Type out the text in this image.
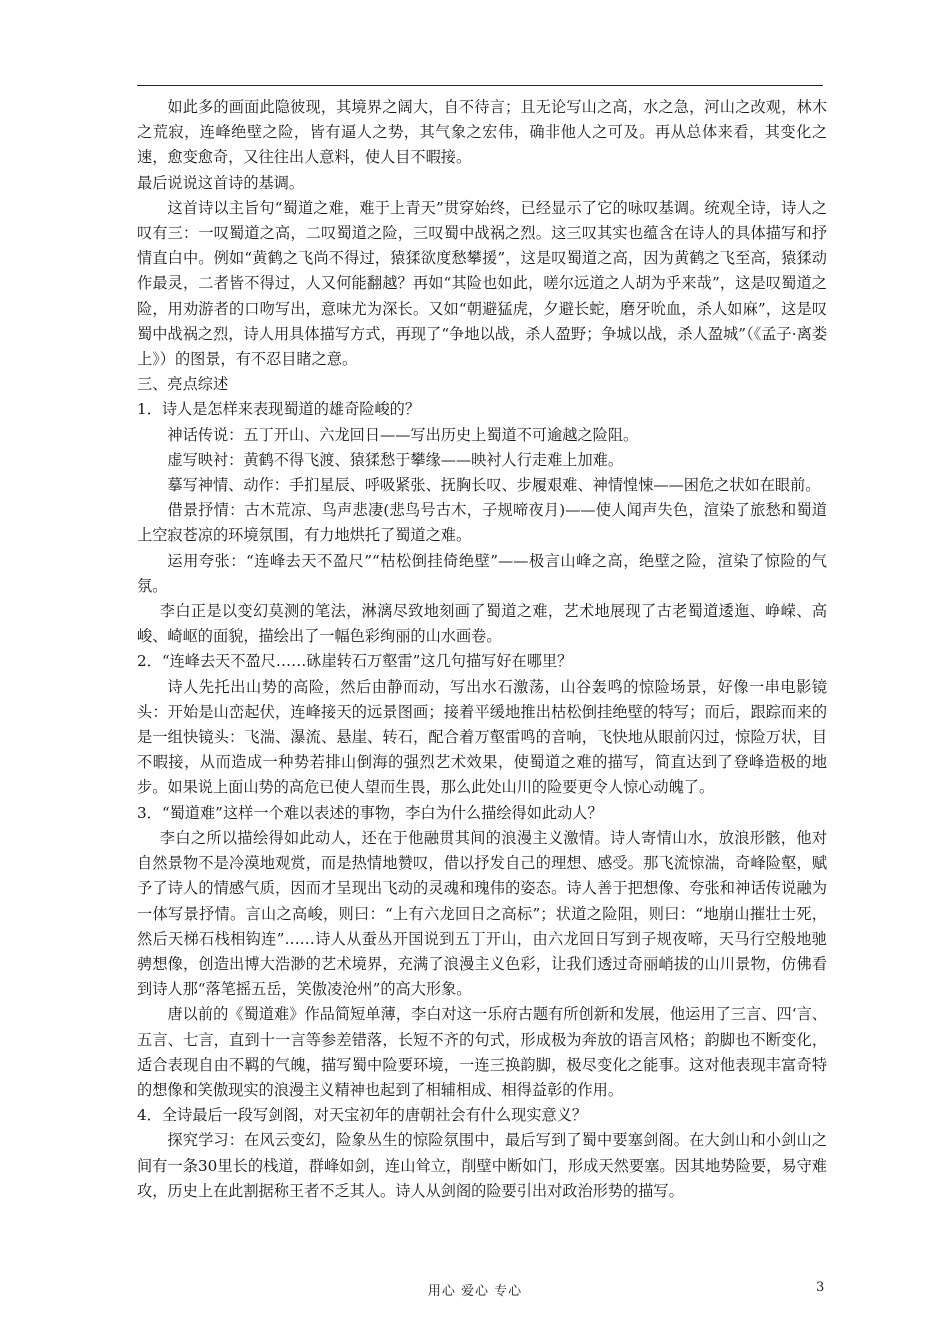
如此多的画面此隐彼现，其境界之阔大，自不待言；且无论写山之高，水之急，河山之改观，林木之荒寂，连峰绝壁之险，皆有逼人之势，其气象之宏伟，确非他人之可及。再从总体来看，其变化之速，愈变愈奇，又往往出人意料，使人目不暇接。

最后说说这首诗的基调。

这首诗以主旨句“蜀道之难，难于上青天”贯穿始终，已经显示了它的咏叹基调。统观全诗，诗人之叹有三：一叹蜀道之高，二叹蜀道之险，三叹蜀中战祸之烈。这三叹其实也蕴含在诗人的具体描写和抒情直白中。例如“黄鹤之飞尚不得过，猿猱欲度愁攀援”，这是叹蜀道之高，因为黄鹤之飞至高，猿猱动作最灵，二者皆不得过，人又何能翻越？再如“其险也如此，嗟尔远道之人胡为乎来哉”，这是叹蜀道之险，用劝游者的口吻写出，意味尤为深长。又如“朝避猛虎，夕避长蛇，磨牙吮血，杀人如麻”，这是叹蜀中战祸之烈，诗人用具体描写方式，再现了“争地以战，杀人盈野；争城以战，杀人盈城”（《孟子·离娄上》）的图景，有不忍目睹之意。

三、亮点综述

1．诗人是怎样来表现蜀道的雄奇险峻的？

神话传说：五丁开山、六龙回日——写出历史上蜀道不可逾越之险阻。

虚写映衬：黄鹤不得飞渡、猿猱愁于攀缘——映衬人行走难上加难。

摹写神情、动作：手扪星辰、呼吸紧张、抚胸长叹、步履艰难、神情惶悚——困危之状如在眼前。

借景抒情：古木荒凉、鸟声悲凄(悲鸟号古木，子规啼夜月)——使人闻声失色，渲染了旅愁和蜀道上空寂苍凉的环境氛围，有力地烘托了蜀道之难。

运用夸张：“连峰去天不盈尺”“枯松倒挂倚绝壁”——极言山峰之高，绝壁之险，渲染了惊险的气氛。

李白正是以变幻莫测的笔法，淋漓尽致地刻画了蜀道之难，艺术地展现了古老蜀道逶迤、峥嵘、高峻、崎岖的面貌，描绘出了一幅色彩绚丽的山水画卷。

2．“连峰去天不盈尺……砯崖转石万壑雷”这几句描写好在哪里？

诗人先托出山势的高险，然后由静而动，写出水石激荡，山谷轰鸣的惊险场景，好像一串电影镜头：开始是山峦起伏，连峰接天的远景图画；接着平缓地推出枯松倒挂绝壁的特写；而后，跟踪而来的是一组快镜头：飞湍、瀑流、悬崖、转石，配合着万壑雷鸣的音响，飞快地从眼前闪过，惊险万状，目不暇接，从而造成一种势若排山倒海的强烈艺术效果，使蜀道之难的描写，简直达到了登峰造极的地步。如果说上面山势的高危已使人望而生畏，那么此处山川的险要更令人惊心动魄了。

3．“蜀道难”这样一个难以表述的事物，李白为什么描绘得如此动人？

李白之所以描绘得如此动人，还在于他融贯其间的浪漫主义激情。诗人寄情山水，放浪形骸，他对自然景物不是冷漠地观赏，而是热情地赞叹，借以抒发自己的理想、感受。那飞流惊湍，奇峰险壑，赋予了诗人的情感气质，因而才呈现出飞动的灵魂和瑰伟的姿态。诗人善于把想像、夸张和神话传说融为一体写景抒情。言山之高峻，则曰：“上有六龙回日之高标”；状道之险阻，则曰：“地崩山摧壮士死，然后天梯石栈相钩连”……诗人从蚕丛开国说到五丁开山，由六龙回日写到子规夜啼，天马行空般地驰骋想像，创造出博大浩渺的艺术境界，充满了浪漫主义色彩，让我们透过奇丽峭拔的山川景物，仿佛看到诗人那“落笔摇五岳，笑傲凌沧州”的高大形象。

唐以前的《蜀道难》作品简短单薄，李白对这一乐府古题有所创新和发展，他运用了三言、四‘言、五言、七言，直到十一言等参差错落，长短不齐的句式，形成极为奔放的语言风格；韵脚也不断变化，适合表现自由不羁的气魄，描写蜀中险要环境，一连三换韵脚，极尽变化之能事。这对他表现丰富奇特的想像和笑傲现实的浪漫主义精神也起到了相辅相成、相得益彰的作用。

4．全诗最后一段写剑阁，对天宝初年的唐朝社会有什么现实意义？

探究学习：在风云变幻，险象丛生的惊险氛围中，最后写到了蜀中要塞剑阁。在大剑山和小剑山之间有一条30里长的栈道，群峰如剑，连山耸立，削壁中断如门，形成天然要塞。因其地势险要，易守难攻，历史上在此割据称王者不乏其人。诗人从剑阁的险要引出对政治形势的描写。

用心 爱心 专心	3
